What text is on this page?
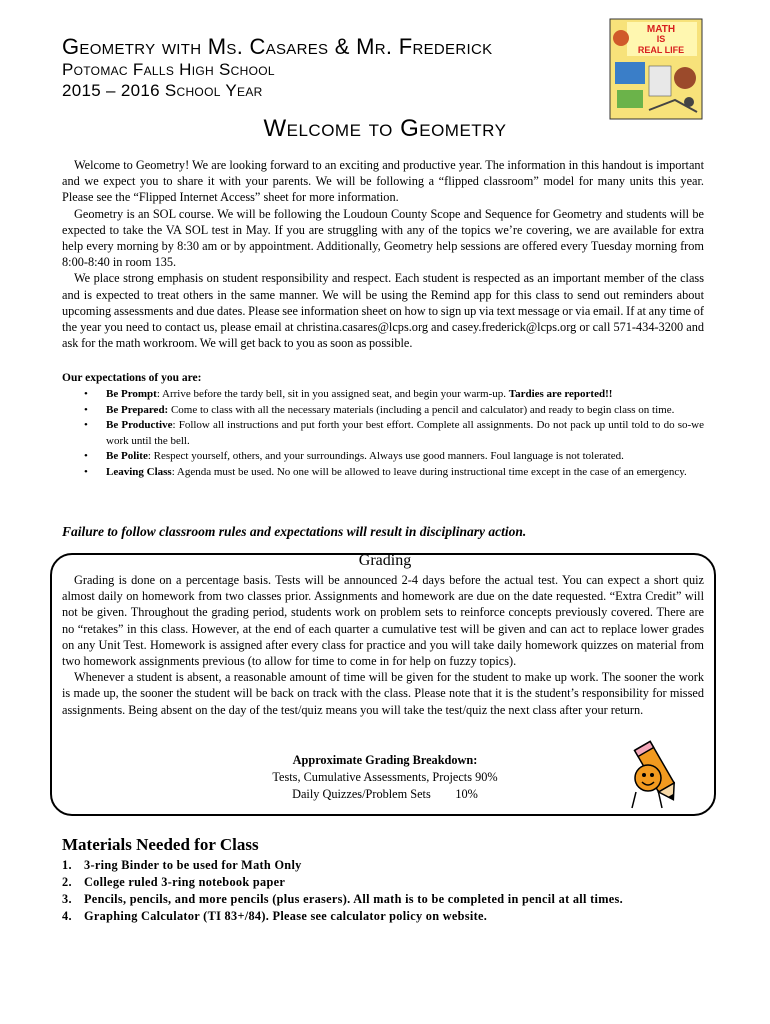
Geometry with Ms. Casares & Mr. Frederick
Potomac Falls High School
2015 – 2016 School Year
MATH
IS
REAL LIFE
Welcome to Geometry

Welcome to Geometry! We are looking forward to an exciting and productive year. The information in this handout is important and we expect you to share it with your parents. We will be following a “flipped classroom” model for many units this year. Please see the “Flipped Internet Access” sheet for more information.

Geometry is an SOL course. We will be following the Loudoun County Scope and Sequence for Geometry and students will be expected to take the VA SOL test in May. If you are struggling with any of the topics we’re covering, we are available for extra help every morning by 8:30 am or by appointment. Additionally, Geometry help sessions are offered every Tuesday morning from 8:00-8:40 in room 135.

We place strong emphasis on student responsibility and respect. Each student is respected as an important member of the class and is expected to treat others in the same manner. We will be using the Remind app for this class to send out reminders about upcoming assessments and due dates. Please see information sheet on how to sign up via text message or via email. If at any time of the year you need to contact us, please email at christina.casares@lcps.org and casey.frederick@lcps.org or call 571-434-3200 and ask for the math workroom. We will get back to you as soon as possible.

Our expectations of you are:
• Be Prompt: Arrive before the tardy bell, sit in you assigned seat, and begin your warm-up. Tardies are reported!!
• Be Prepared: Come to class with all the necessary materials (including a pencil and calculator) and ready to begin class on time.
• Be Productive: Follow all instructions and put forth your best effort. Complete all assignments. Do not pack up until told to do so-we work until the bell.
• Be Polite: Respect yourself, others, and your surroundings. Always use good manners. Foul language is not tolerated.
• Leaving Class: Agenda must be used. No one will be allowed to leave during instructional time except in the case of an emergency.
Failure to follow classroom rules and expectations will result in disciplinary action.
Grading

Grading is done on a percentage basis. Tests will be announced 2-4 days before the actual test. You can expect a short quiz almost daily on homework from two classes prior. Assignments and homework are due on the date requested. “Extra Credit” will not be given. Throughout the grading period, students work on problem sets to reinforce concepts previously covered. There are no “retakes” in this class. However, at the end of each quarter a cumulative test will be given and can act to replace lower grades on any Unit Test. Homework is assigned after every class for practice and you will take daily homework quizzes on material from two homework assignments previous (to allow for time to come in for help on fuzzy topics).

Whenever a student is absent, a reasonable amount of time will be given for the student to make up work. The sooner the work is made up, the sooner the student will be back on track with the class. Please note that it is the student’s responsibility for missed assignments. Being absent on the day of the test/quiz means you will take the test/quiz the next class after your return.

Approximate Grading Breakdown:
Tests, Cumulative Assessments, Projects 90%
Daily Quizzes/Problem Sets        10%
Materials Needed for Class
1. 3-ring Binder to be used for Math Only
2. College ruled 3-ring notebook paper
3. Pencils, pencils, and more pencils (plus erasers). All math is to be completed in pencil at all times.
4. Graphing Calculator (TI 83+/84). Please see calculator policy on website.
